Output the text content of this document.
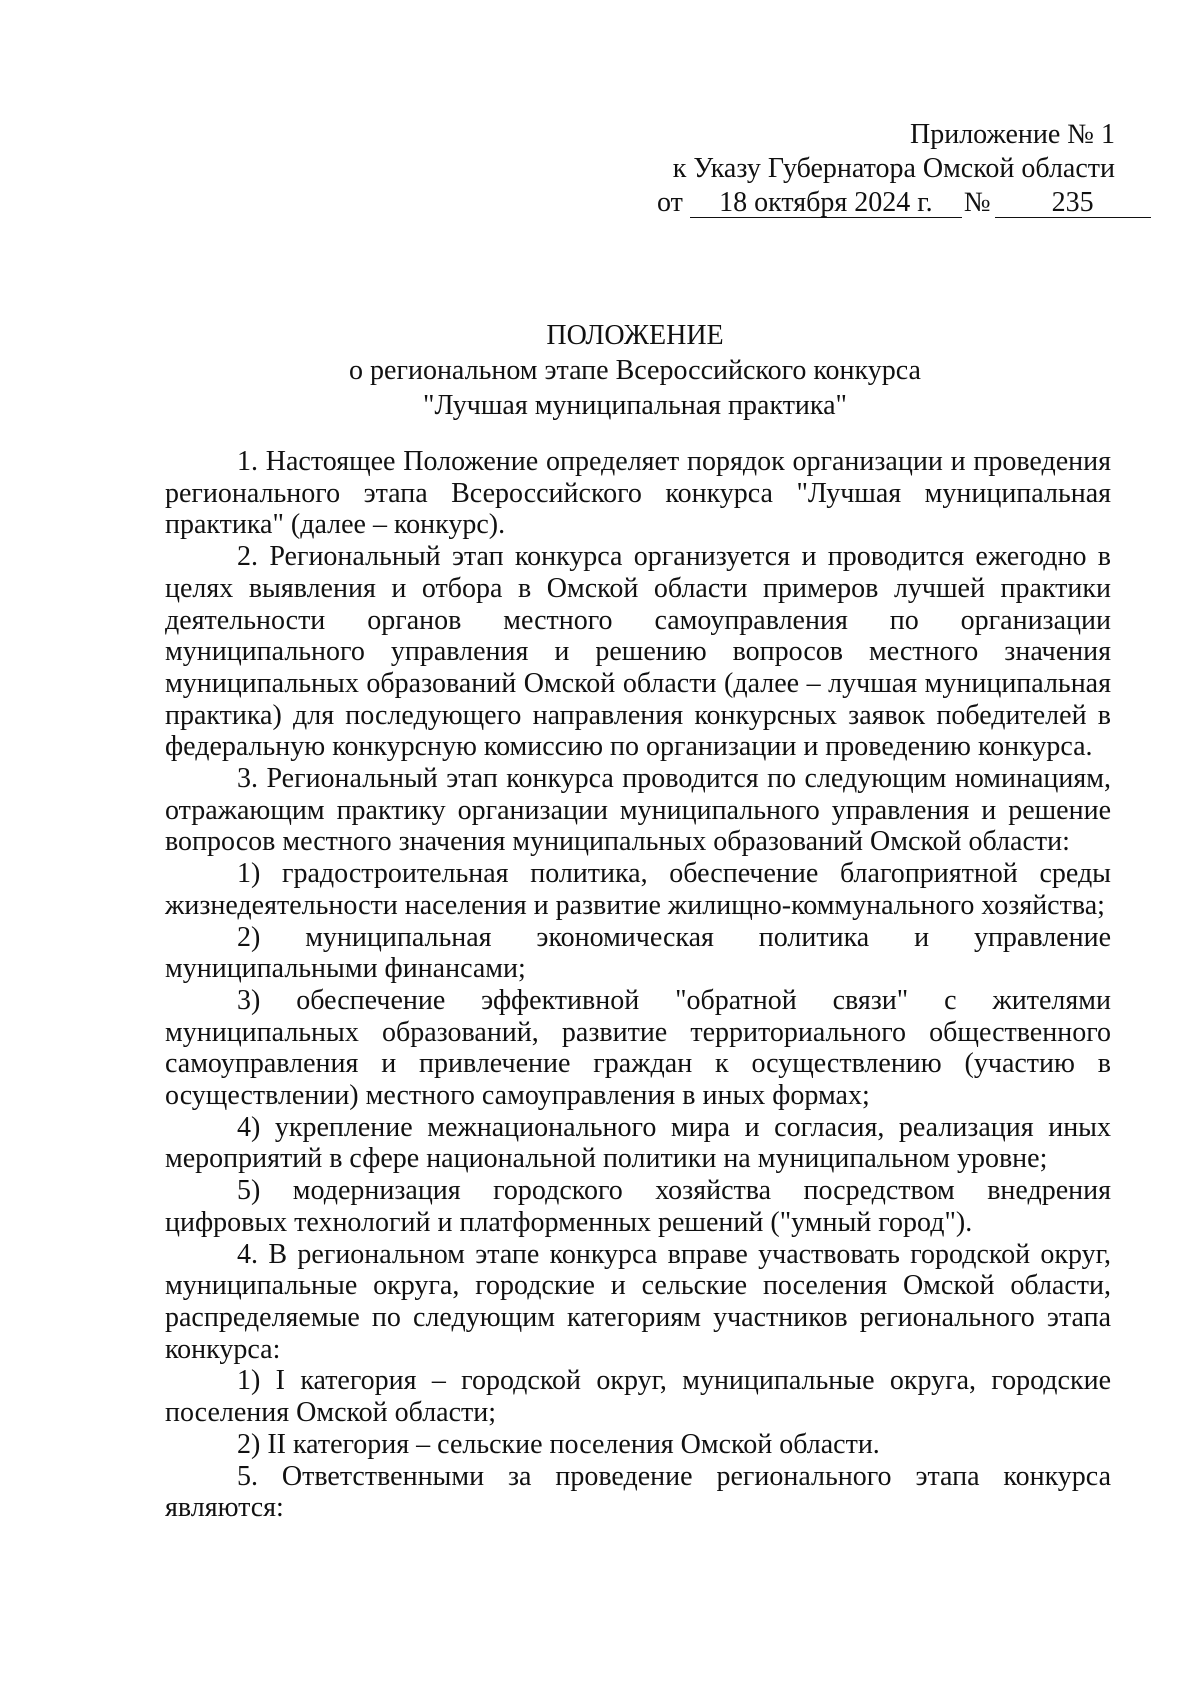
Приложение № 1
к Указу Губернатора Омской области
от 18 октября 2024 г. № 235
ПОЛОЖЕНИЕ
о региональном этапе Всероссийского конкурса
"Лучшая муниципальная практика"

1. Настоящее Положение определяет порядок организации и проведения регионального этапа Всероссийского конкурса "Лучшая муниципальная практика" (далее – конкурс).

2. Региональный этап конкурса организуется и проводится ежегодно в целях выявления и отбора в Омской области примеров лучшей практики деятельности органов местного самоуправления по организации муниципального управления и решению вопросов местного значения муниципальных образований Омской области (далее – лучшая муниципальная практика) для последующего направления конкурсных заявок победителей в федеральную конкурсную комиссию по организации и проведению конкурса.

3. Региональный этап конкурса проводится по следующим номинациям, отражающим практику организации муниципального управления и решение вопросов местного значения муниципальных образований Омской области:

1) градостроительная политика, обеспечение благоприятной среды жизнедеятельности населения и развитие жилищно-коммунального хозяйства;

2) муниципальная экономическая политика и управление муниципальными финансами;

3) обеспечение эффективной "обратной связи" с жителями муниципальных образований, развитие территориального общественного самоуправления и привлечение граждан к осуществлению (участию в осуществлении) местного самоуправления в иных формах;

4) укрепление межнационального мира и согласия, реализация иных мероприятий в сфере национальной политики на муниципальном уровне;

5) модернизация городского хозяйства посредством внедрения цифровых технологий и платформенных решений ("умный город").

4. В региональном этапе конкурса вправе участвовать городской округ, муниципальные округа, городские и сельские поселения Омской области, распределяемые по следующим категориям участников регионального этапа конкурса:

1) I категория – городской округ, муниципальные округа, городские поселения Омской области;

2) II категория – сельские поселения Омской области.

5. Ответственными за проведение регионального этапа конкурса являются:
